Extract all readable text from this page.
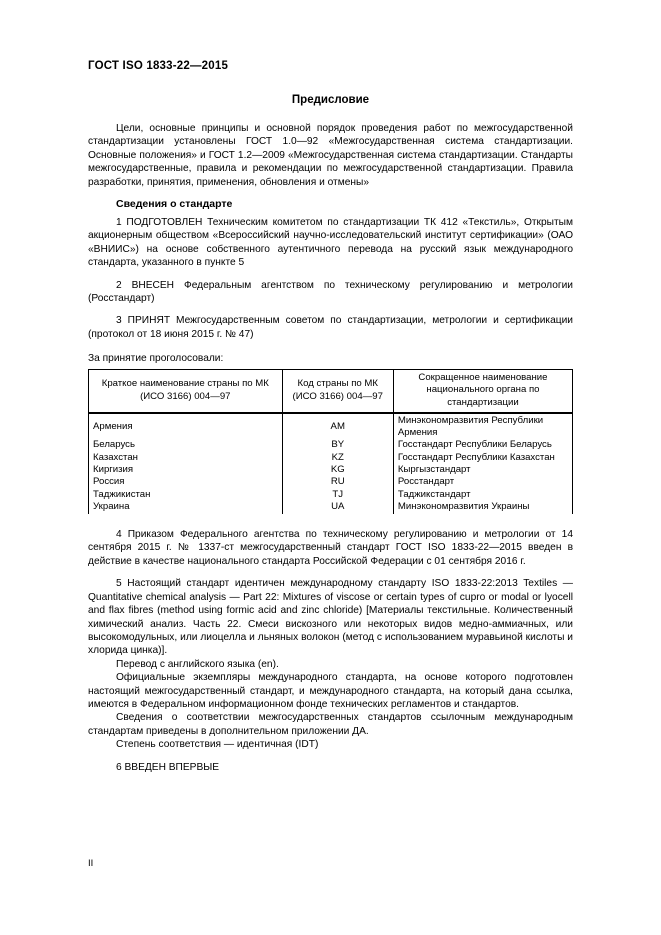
ГОСТ ISO 1833-22—2015
Предисловие

Цели, основные принципы и основной порядок проведения работ по межгосударственной стандартизации установлены ГОСТ 1.0—92 «Межгосударственная система стандартизации. Основные положения» и ГОСТ 1.2—2009 «Межгосударственная система стандартизации. Стандарты межгосударственные, правила и рекомендации по межгосударственной стандартизации. Правила разработки, принятия, применения, обновления и отмены»

Сведения о стандарте

1 ПОДГОТОВЛЕН Техническим комитетом по стандартизации ТК 412 «Текстиль», Открытым акционерным обществом «Всероссийский научно-исследовательский институт сертификации» (ОАО «ВНИИС») на основе собственного аутентичного перевода на русский язык международного стандарта, указанного в пункте 5

2 ВНЕСЕН Федеральным агентством по техническому регулированию и метрологии (Росстандарт)

3 ПРИНЯТ Межгосударственным советом по стандартизации, метрологии и сертификации (протокол от 18 июня 2015 г. № 47)

За принятие проголосовали:
Краткое наименование страны по МК (ИСО 3166) 004—97	Код страны по МК (ИСО 3166) 004—97	Сокращенное наименование национального органа по стандартизации
Армения	AM	Минэкономразвития Республики Армения
Беларусь	BY	Госстандарт Республики Беларусь
Казахстан	KZ	Госстандарт Республики Казахстан
Киргизия	KG	Кыргызстандарт
Россия	RU	Росстандарт
Таджикистан	TJ	Таджикстандарт
Украина	UA	Минэкономразвития Украины

4 Приказом Федерального агентства по техническому регулированию и метрологии от 14 сентября 2015 г. № 1337-ст межгосударственный стандарт ГОСТ ISO 1833-22—2015 введен в действие в качестве национального стандарта Российской Федерации с 01 сентября 2016 г.

5 Настоящий стандарт идентичен международному стандарту ISO 1833-22:2013 Textiles — Quantitative chemical analysis — Part 22: Mixtures of viscose or certain types of cupro or modal or lyocell and flax fibres (method using formic acid and zinc chloride) [Материалы текстильные. Количественный химический анализ. Часть 22. Смеси вискозного или некоторых видов медно-аммиачных, или высокомодульных, или лиоцелла и льняных волокон (метод с использованием муравьиной кислоты и хлорида цинка)].

Перевод с английского языка (en).

Официальные экземпляры международного стандарта, на основе которого подготовлен настоящий межгосударственный стандарт, и международного стандарта, на который дана ссылка, имеются в Федеральном информационном фонде технических регламентов и стандартов.

Сведения о соответствии межгосударственных стандартов ссылочным международным стандартам приведены в дополнительном приложении ДА.

Степень соответствия — идентичная (IDT)

6 ВВЕДЕН ВПЕРВЫЕ

II
